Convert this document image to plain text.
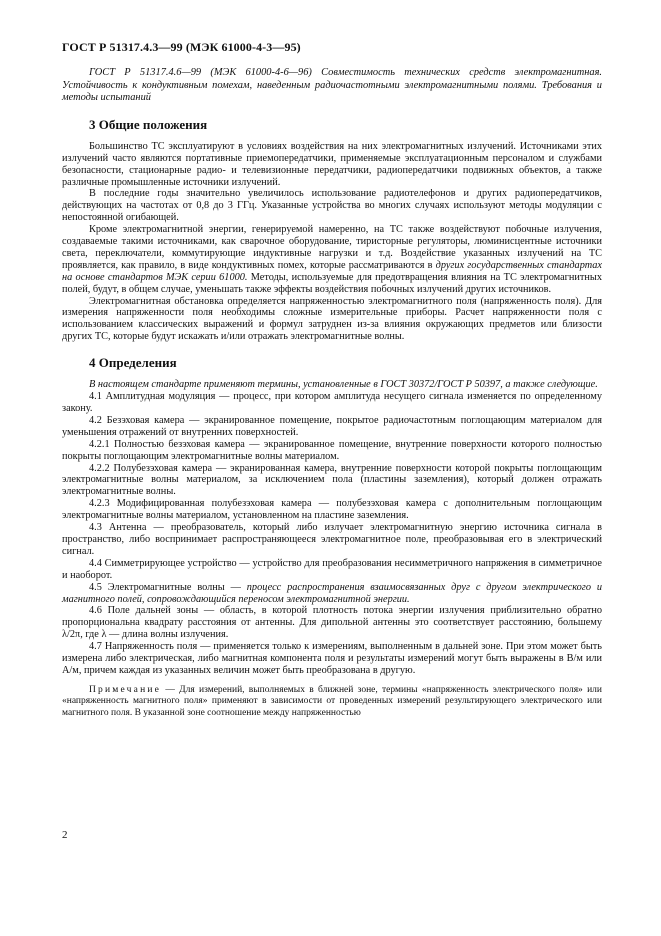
ГОСТ Р 51317.4.3—99 (МЭК 61000-4-3—95)

ГОСТ Р 51317.4.6—99 (МЭК 61000-4-6—96) Совместимость технических средств электромагнитная. Устойчивость к кондуктивным помехам, наведенным радиочастотными электромагнитными полями. Требования и методы испытаний

3 Общие положения

Большинство ТС эксплуатируют в условиях воздействия на них электромагнитных излучений. Источниками этих излучений часто являются портативные приемопередатчики, применяемые эксплуатационным персоналом и службами безопасности, стационарные радио- и телевизионные передатчики, радиопередатчики подвижных объектов, а также различные промышленные источники излучений.

В последние годы значительно увеличилось использование радиотелефонов и других радиопередатчиков, действующих на частотах от 0,8 до 3 ГГц. Указанные устройства во многих случаях используют методы модуляции с непостоянной огибающей.

Кроме электромагнитной энергии, генерируемой намеренно, на ТС также воздействуют побочные излучения, создаваемые такими источниками, как сварочное оборудование, тиристорные регуляторы, люминисцентные источники света, переключатели, коммутирующие индуктивные нагрузки и т.д. Воздействие указанных излучений на ТС проявляется, как правило, в виде кондуктивных помех, которые рассматриваются в других государственных стандартах на основе стандартов МЭК серии 61000. Методы, используемые для предотвращения влияния на ТС электромагнитных полей, будут, в общем случае, уменьшать также эффекты воздействия побочных излучений других источников.

Электромагнитная обстановка определяется напряженностью электромагнитного поля (напряженность поля). Для измерения напряженности поля необходимы сложные измерительные приборы. Расчет напряженности поля с использованием классических выражений и формул затруднен из-за влияния окружающих предметов или близости других ТС, которые будут искажать и/или отражать электромагнитные волны.

4 Определения

В настоящем стандарте применяют термины, установленные в ГОСТ 30372/ГОСТ Р 50397, а также следующие.

4.1 Амплитудная модуляция — процесс, при котором амплитуда несущего сигнала изменяется по определенному закону.

4.2 Безэховая камера — экранированное помещение, покрытое радиочастотным поглощающим материалом для уменьшения отражений от внутренних поверхностей.

4.2.1 Полностью безэховая камера — экранированное помещение, внутренние поверхности которого полностью покрыты поглощающим электромагнитные волны материалом.

4.2.2 Полубезэховая камера — экранированная камера, внутренние поверхности которой покрыты поглощающим электромагнитные волны материалом, за исключением пола (пластины заземления), который должен отражать электромагнитные волны.

4.2.3 Модифицированная полубезэховая камера — полубезэховая камера с дополнительным поглощающим электромагнитные волны материалом, установленном на пластине заземления.

4.3 Антенна — преобразователь, который либо излучает электромагнитную энергию источника сигнала в пространство, либо воспринимает распространяющееся электромагнитное поле, преобразовывая его в электрический сигнал.

4.4 Симметрирующее устройство — устройство для преобразования несимметричного напряжения в симметричное и наоборот.

4.5 Электромагнитные волны — процесс распространения взаимосвязанных друг с другом электрического и магнитного полей, сопровождающийся переносом электромагнитной энергии.

4.6 Поле дальней зоны — область, в которой плотность потока энергии излучения приблизительно обратно пропорциональна квадрату расстояния от антенны. Для дипольной антенны это соответствует расстоянию, большему λ/2π, где λ — длина волны излучения.

4.7 Напряженность поля — применяется только к измерениям, выполненным в дальней зоне. При этом может быть измерена либо электрическая, либо магнитная компонента поля и результаты измерений могут быть выражены в В/м или А/м, причем каждая из указанных величин может быть преобразована в другую.

Примечание — Для измерений, выполняемых в ближней зоне, термины «напряженность электрического поля» или «напряженность магнитного поля» применяют в зависимости от проведенных измерений результирующего электрического или магнитного поля. В указанной зоне соотношение между напряженностью

2
